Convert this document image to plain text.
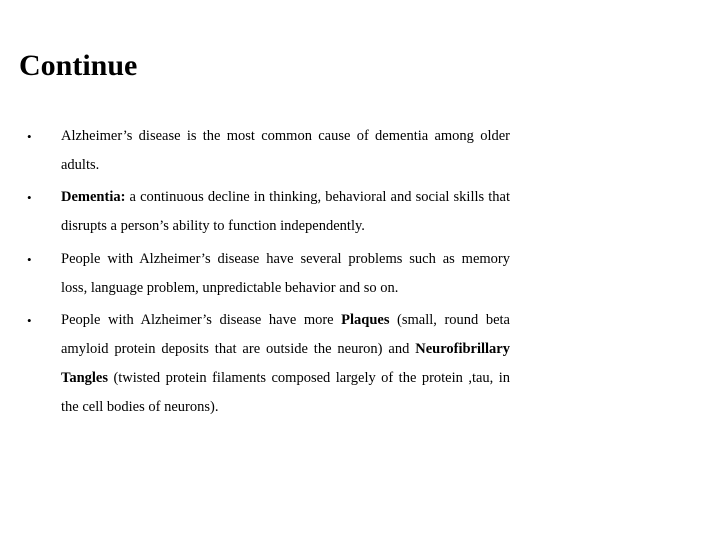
Continue
• Alzheimer’s disease is the most common cause of dementia among older adults.
• Dementia: a continuous decline in thinking, behavioral and social skills that disrupts a person’s ability to function independently.
• People with Alzheimer’s disease have several problems such as memory loss, language problem, unpredictable behavior and so on.
• People with Alzheimer’s disease have more Plaques (small, round beta amyloid protein deposits that are outside the neuron) and Neurofibrillary Tangles (twisted protein filaments composed largely of the protein ,tau, in the cell bodies of neurons).
